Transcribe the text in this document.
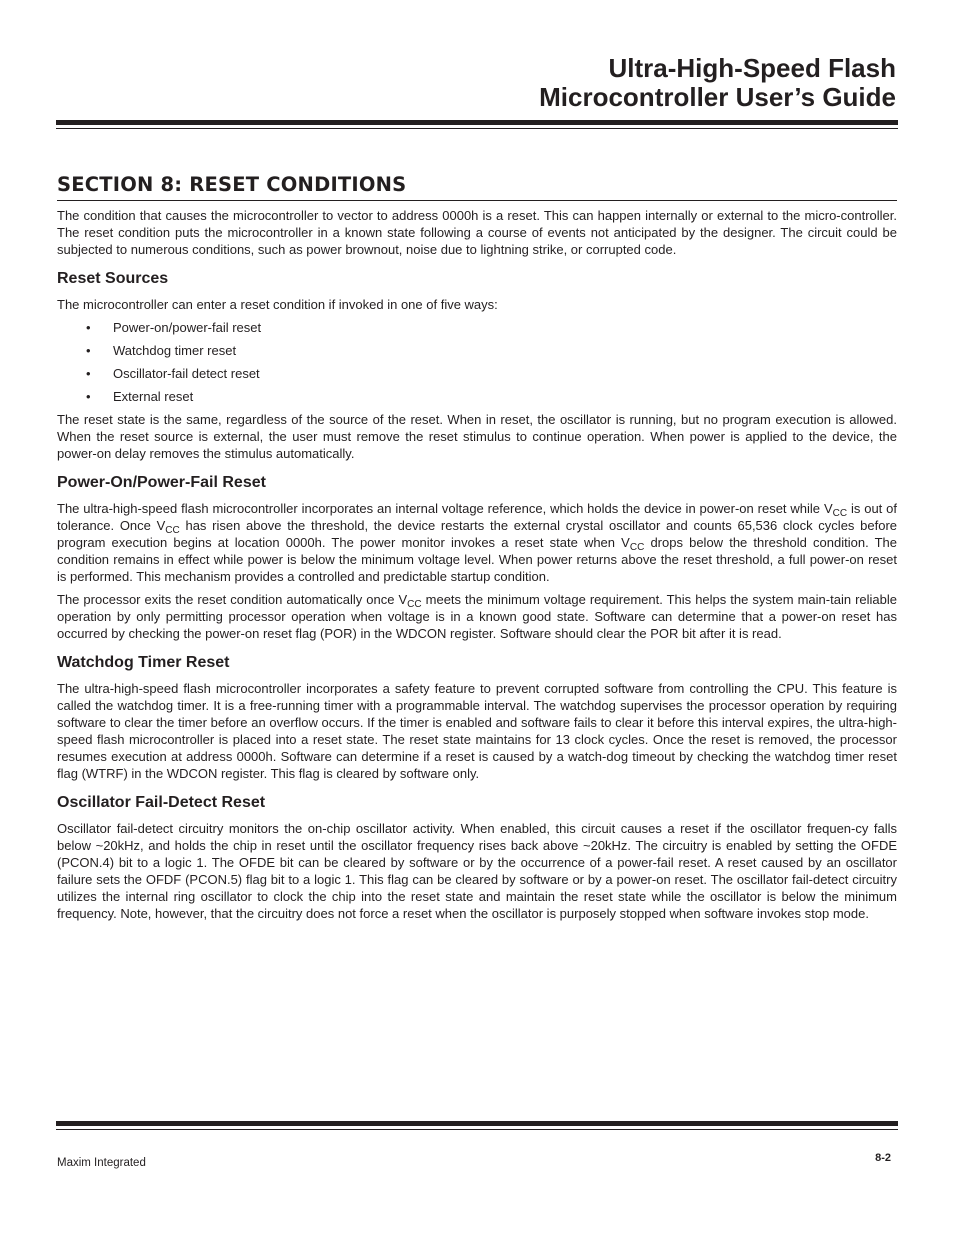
Ultra-High-Speed Flash
Microcontroller User’s Guide
SECTION 8: RESET CONDITIONS

The condition that causes the microcontroller to vector to address 0000h is a reset. This can happen internally or external to the micro-controller. The reset condition puts the microcontroller in a known state following a course of events not anticipated by the designer. The circuit could be subjected to numerous conditions, such as power brownout, noise due to lightning strike, or corrupted code.

Reset Sources

The microcontroller can enter a reset condition if invoked in one of five ways:

• Power-on/power-fail reset
• Watchdog timer reset
• Oscillator-fail detect reset
• External reset

The reset state is the same, regardless of the source of the reset. When in reset, the oscillator is running, but no program execution is allowed. When the reset source is external, the user must remove the reset stimulus to continue operation. When power is applied to the device, the power-on delay removes the stimulus automatically.

Power-On/Power-Fail Reset

The ultra-high-speed flash microcontroller incorporates an internal voltage reference, which holds the device in power-on reset while $V_{CC}$ is out of tolerance. Once $V_{CC}$ has risen above the threshold, the device restarts the external crystal oscillator and counts 65,536 clock cycles before program execution begins at location 0000h. The power monitor invokes a reset state when $V_{CC}$ drops below the threshold condition. The condition remains in effect while power is below the minimum voltage level. When power returns above the reset threshold, a full power-on reset is performed. This mechanism provides a controlled and predictable startup condition.

The processor exits the reset condition automatically once $V_{CC}$ meets the minimum voltage requirement. This helps the system main-tain reliable operation by only permitting processor operation when voltage is in a known good state. Software can determine that a power-on reset has occurred by checking the power-on reset flag (POR) in the WDCON register. Software should clear the POR bit after it is read.

Watchdog Timer Reset

The ultra-high-speed flash microcontroller incorporates a safety feature to prevent corrupted software from controlling the CPU. This feature is called the watchdog timer. It is a free-running timer with a programmable interval. The watchdog supervises the processor operation by requiring software to clear the timer before an overflow occurs. If the timer is enabled and software fails to clear it before this interval expires, the ultra-high-speed flash microcontroller is placed into a reset state. The reset state maintains for 13 clock cycles. Once the reset is removed, the processor resumes execution at address 0000h. Software can determine if a reset is caused by a watch-dog timeout by checking the watchdog timer reset flag (WTRF) in the WDCON register. This flag is cleared by software only.

Oscillator Fail-Detect Reset

Oscillator fail-detect circuitry monitors the on-chip oscillator activity. When enabled, this circuit causes a reset if the oscillator frequen-cy falls below ~20kHz, and holds the chip in reset until the oscillator frequency rises back above ~20kHz. The circuitry is enabled by setting the OFDE (PCON.4) bit to a logic 1. The OFDE bit can be cleared by software or by the occurrence of a power-fail reset. A reset caused by an oscillator failure sets the OFDF (PCON.5) flag bit to a logic 1. This flag can be cleared by software or by a power-on reset. The oscillator fail-detect circuitry utilizes the internal ring oscillator to clock the chip into the reset state and maintain the reset state while the oscillator is below the minimum frequency. Note, however, that the circuitry does not force a reset when the oscillator is purposely stopped when software invokes stop mode.

Maxim Integrated	8-2
